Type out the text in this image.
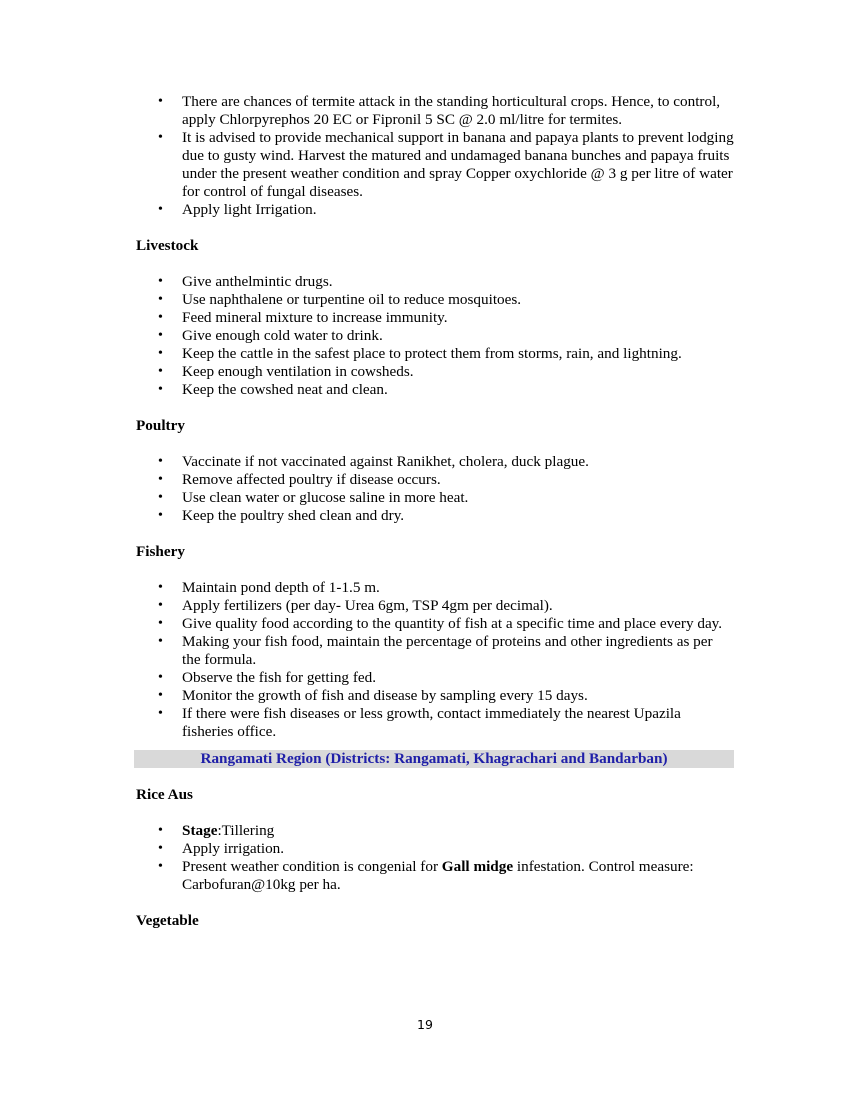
• There are chances of termite attack in the standing horticultural crops. Hence, to control, apply Chlorpyrephos 20 EC or Fipronil 5 SC @ 2.0 ml/litre for termites.
• It is advised to provide mechanical support in banana and papaya plants to prevent lodging due to gusty wind. Harvest the matured and undamaged banana bunches and papaya fruits under the present weather condition and spray Copper oxychloride @ 3 g per litre of water for control of fungal diseases.
• Apply light Irrigation.
Livestock
• Give anthelmintic drugs.
• Use naphthalene or turpentine oil to reduce mosquitoes.
• Feed mineral mixture to increase immunity.
• Give enough cold water to drink.
• Keep the cattle in the safest place to protect them from storms, rain, and lightning.
• Keep enough ventilation in cowsheds.
• Keep the cowshed neat and clean.
Poultry
• Vaccinate if not vaccinated against Ranikhet, cholera, duck plague.
• Remove affected poultry if disease occurs.
• Use clean water or glucose saline in more heat.
• Keep the poultry shed clean and dry.
Fishery
• Maintain pond depth of 1-1.5 m.
• Apply fertilizers (per day- Urea 6gm, TSP 4gm per decimal).
• Give quality food according to the quantity of fish at a specific time and place every day.
• Making your fish food, maintain the percentage of proteins and other ingredients as per the formula.
• Observe the fish for getting fed.
• Monitor the growth of fish and disease by sampling every 15 days.
• If there were fish diseases or less growth, contact immediately the nearest Upazila fisheries office.
Rangamati Region (Districts: Rangamati, Khagrachari and Bandarban)
Rice Aus
• Stage:Tillering
• Apply irrigation.
• Present weather condition is congenial for Gall midge infestation. Control measure: Carbofuran@10kg per ha.
Vegetable
19
